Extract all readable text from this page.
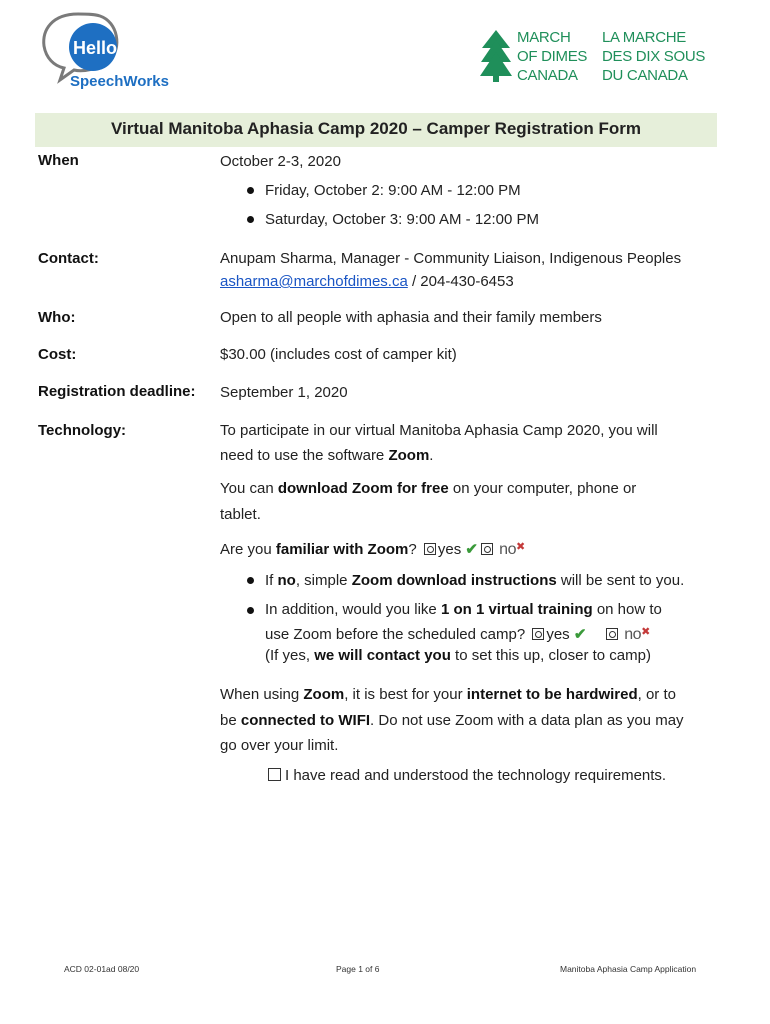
Hello
SpeechWorks
MARCH
OF DIMES
CANADA
LA MARCHE
DES DIX SOUS
DU CANADA
Virtual Manitoba Aphasia Camp 2020 – Camper Registration Form
When	October 2-3, 2020
Friday, October 2: 9:00 AM - 12:00 PM
Saturday, October 3: 9:00 AM - 12:00 PM
Contact:	Anupam Sharma, Manager - Community Liaison, Indigenous Peoples
asharma@marchofdimes.ca / 204-430-6453
Who:	Open to all people with aphasia and their family members
Cost:	$30.00 (includes cost of camper kit)
Registration deadline: September 1, 2020
Technology:	To participate in our virtual Manitoba Aphasia Camp 2020, you will
need to use the software Zoom.
You can download Zoom for free on your computer, phone or
tablet.
Are you familiar with Zoom? yes ✔ no✖
If no, simple Zoom download instructions will be sent to you.
In addition, would you like 1 on 1 virtual training on how to
use Zoom before the scheduled camp? yes ✔ no✖
(If yes, we will contact you to set this up, closer to camp)
When using Zoom, it is best for your internet to be hardwired, or to
be connected to WIFI. Do not use Zoom with a data plan as you may
go over your limit.
I have read and understood the technology requirements.
ACD 02-01ad 08/20	Page 1 of 6	Manitoba Aphasia Camp Application
